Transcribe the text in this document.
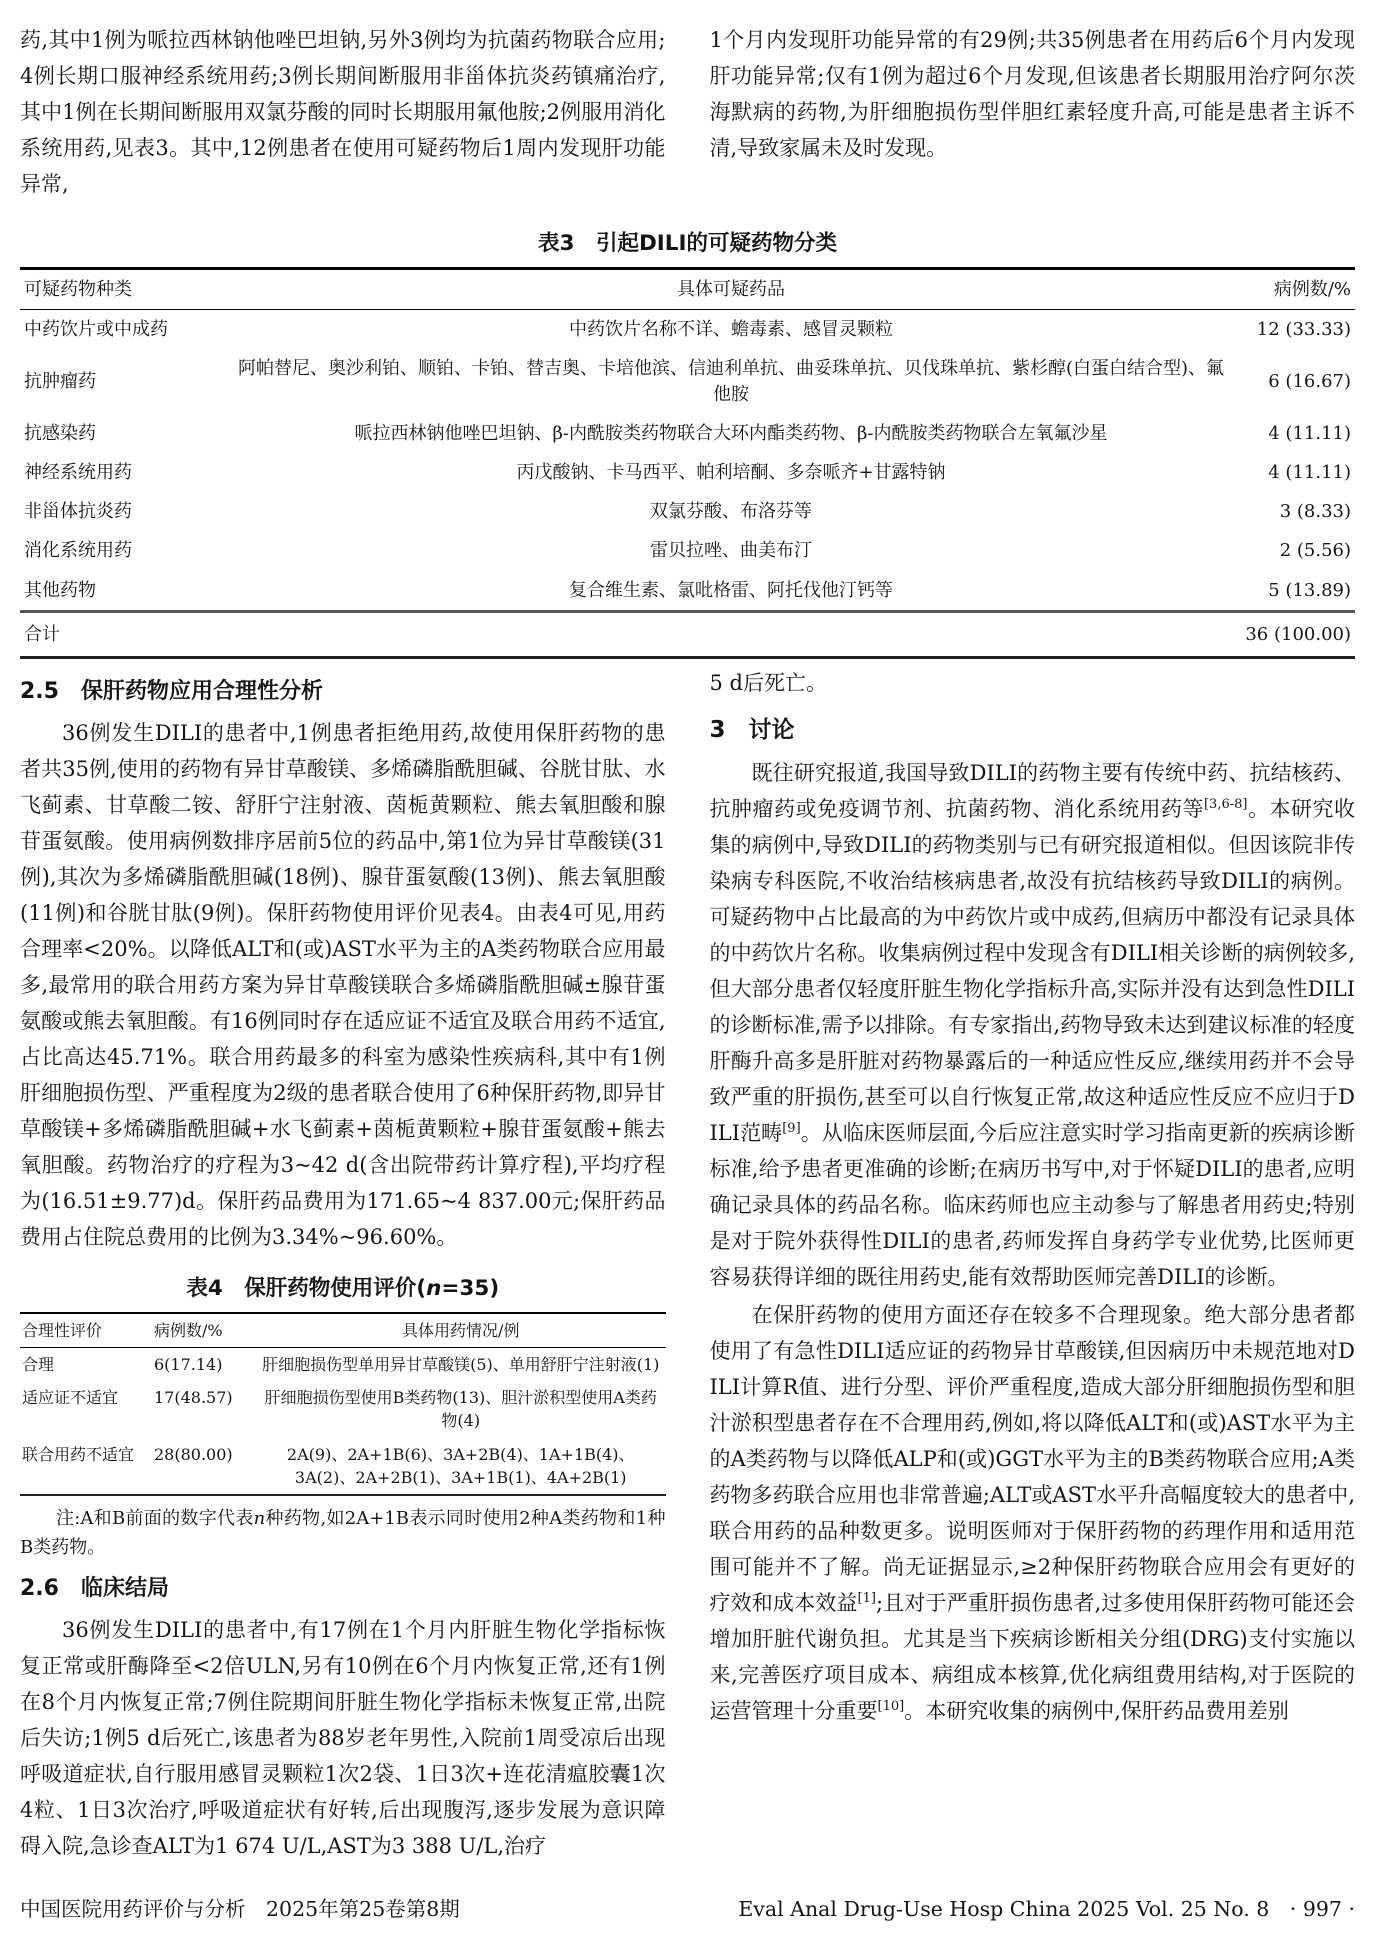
药,其中1例为哌拉西林钠他唑巴坦钠,另外3例均为抗菌药物联合应用;4例长期口服神经系统用药;3例长期间断服用非甾体抗炎药镇痛治疗,其中1例在长期间断服用双氯芬酸的同时长期服用氟他胺;2例服用消化系统用药,见表3。其中,12例患者在使用可疑药物后1周内发现肝功能异常,

1个月内发现肝功能异常的有29例;共35例患者在用药后6个月内发现肝功能异常;仅有1例为超过6个月发现,但该患者长期服用治疗阿尔茨海默病的药物,为肝细胞损伤型伴胆红素轻度升高,可能是患者主诉不清,导致家属未及时发现。

表3　引起DILI的可疑药物分类
可疑药物种类	具体可疑药品	病例数/%
中药饮片或中成药	中药饮片名称不详、蟾毒素、感冒灵颗粒	12 (33.33)
抗肿瘤药	阿帕替尼、奥沙利铂、顺铂、卡铂、替吉奥、卡培他滨、信迪利单抗、曲妥珠单抗、贝伐珠单抗、紫杉醇(白蛋白结合型)、氟他胺	6 (16.67)
抗感染药	哌拉西林钠他唑巴坦钠、β-内酰胺类药物联合大环内酯类药物、β-内酰胺类药物联合左氧氟沙星	4 (11.11)
神经系统用药	丙戊酸钠、卡马西平、帕利培酮、多奈哌齐+甘露特钠	4 (11.11)
非甾体抗炎药	双氯芬酸、布洛芬等	3 (8.33)
消化系统用药	雷贝拉唑、曲美布汀	2 (5.56)
其他药物	复合维生素、氯吡格雷、阿托伐他汀钙等	5 (13.89)
合计		36 (100.00)
2.5　保肝药物应用合理性分析

36例发生DILI的患者中,1例患者拒绝用药,故使用保肝药物的患者共35例,使用的药物有异甘草酸镁、多烯磷脂酰胆碱、谷胱甘肽、水飞蓟素、甘草酸二铵、舒肝宁注射液、茵栀黄颗粒、熊去氧胆酸和腺苷蛋氨酸。使用病例数排序居前5位的药品中,第1位为异甘草酸镁(31例),其次为多烯磷脂酰胆碱(18例)、腺苷蛋氨酸(13例)、熊去氧胆酸(11例)和谷胱甘肽(9例)。保肝药物使用评价见表4。由表4可见,用药合理率<20%。以降低ALT和(或)AST水平为主的A类药物联合应用最多,最常用的联合用药方案为异甘草酸镁联合多烯磷脂酰胆碱±腺苷蛋氨酸或熊去氧胆酸。有16例同时存在适应证不适宜及联合用药不适宜,占比高达45.71%。联合用药最多的科室为感染性疾病科,其中有1例肝细胞损伤型、严重程度为2级的患者联合使用了6种保肝药物,即异甘草酸镁+多烯磷脂酰胆碱+水飞蓟素+茵栀黄颗粒+腺苷蛋氨酸+熊去氧胆酸。药物治疗的疗程为3~42 d(含出院带药计算疗程),平均疗程为(16.51±9.77)d。保肝药品费用为171.65~4 837.00元;保肝药品费用占住院总费用的比例为3.34%~96.60%。

表4　保肝药物使用评价(n=35)
合理性评价	病例数/%	具体用药情况/例
合理	6(17.14)	肝细胞损伤型单用异甘草酸镁(5)、单用舒肝宁注射液(1)
适应证不适宜	17(48.57)	肝细胞损伤型使用B类药物(13)、胆汁淤积型使用A类药物(4)
联合用药不适宜	28(80.00)	2A(9)、2A+1B(6)、3A+2B(4)、1A+1B(4)、3A(2)、2A+2B(1)、3A+1B(1)、4A+2B(1)

注:A和B前面的数字代表n种药物,如2A+1B表示同时使用2种A类药物和1种B类药物。

2.6　临床结局

36例发生DILI的患者中,有17例在1个月内肝脏生物化学指标恢复正常或肝酶降至<2倍ULN,另有10例在6个月内恢复正常,还有1例在8个月内恢复正常;7例住院期间肝脏生物化学指标未恢复正常,出院后失访;1例5 d后死亡,该患者为88岁老年男性,入院前1周受凉后出现呼吸道症状,自行服用感冒灵颗粒1次2袋、1日3次+连花清瘟胶囊1次4粒、1日3次治疗,呼吸道症状有好转,后出现腹泻,逐步发展为意识障碍入院,急诊查ALT为1 674 U/L,AST为3 388 U/L,治疗

5 d后死亡。

3　讨论

既往研究报道,我国导致DILI的药物主要有传统中药、抗结核药、抗肿瘤药或免疫调节剂、抗菌药物、消化系统用药等[3,6-8]。本研究收集的病例中,导致DILI的药物类别与已有研究报道相似。但因该院非传染病专科医院,不收治结核病患者,故没有抗结核药导致DILI的病例。可疑药物中占比最高的为中药饮片或中成药,但病历中都没有记录具体的中药饮片名称。收集病例过程中发现含有DILI相关诊断的病例较多,但大部分患者仅轻度肝脏生物化学指标升高,实际并没有达到急性DILI的诊断标准,需予以排除。有专家指出,药物导致未达到建议标准的轻度肝酶升高多是肝脏对药物暴露后的一种适应性反应,继续用药并不会导致严重的肝损伤,甚至可以自行恢复正常,故这种适应性反应不应归于DILI范畴[9]。从临床医师层面,今后应注意实时学习指南更新的疾病诊断标准,给予患者更准确的诊断;在病历书写中,对于怀疑DILI的患者,应明确记录具体的药品名称。临床药师也应主动参与了解患者用药史;特别是对于院外获得性DILI的患者,药师发挥自身药学专业优势,比医师更容易获得详细的既往用药史,能有效帮助医师完善DILI的诊断。

在保肝药物的使用方面还存在较多不合理现象。绝大部分患者都使用了有急性DILI适应证的药物异甘草酸镁,但因病历中未规范地对DILI计算R值、进行分型、评价严重程度,造成大部分肝细胞损伤型和胆汁淤积型患者存在不合理用药,例如,将以降低ALT和(或)AST水平为主的A类药物与以降低ALP和(或)GGT水平为主的B类药物联合应用;A类药物多药联合应用也非常普遍;ALT或AST水平升高幅度较大的患者中,联合用药的品种数更多。说明医师对于保肝药物的药理作用和适用范围可能并不了解。尚无证据显示,≥2种保肝药物联合应用会有更好的疗效和成本效益[1];且对于严重肝损伤患者,过多使用保肝药物可能还会增加肝脏代谢负担。尤其是当下疾病诊断相关分组(DRG)支付实施以来,完善医疗项目成本、病组成本核算,优化病组费用结构,对于医院的运营管理十分重要[10]。本研究收集的病例中,保肝药品费用差别

中国医院用药评价与分析　2025年第25卷第8期	Eval Anal Drug-Use Hosp China 2025 Vol. 25 No. 8　· 997 ·
